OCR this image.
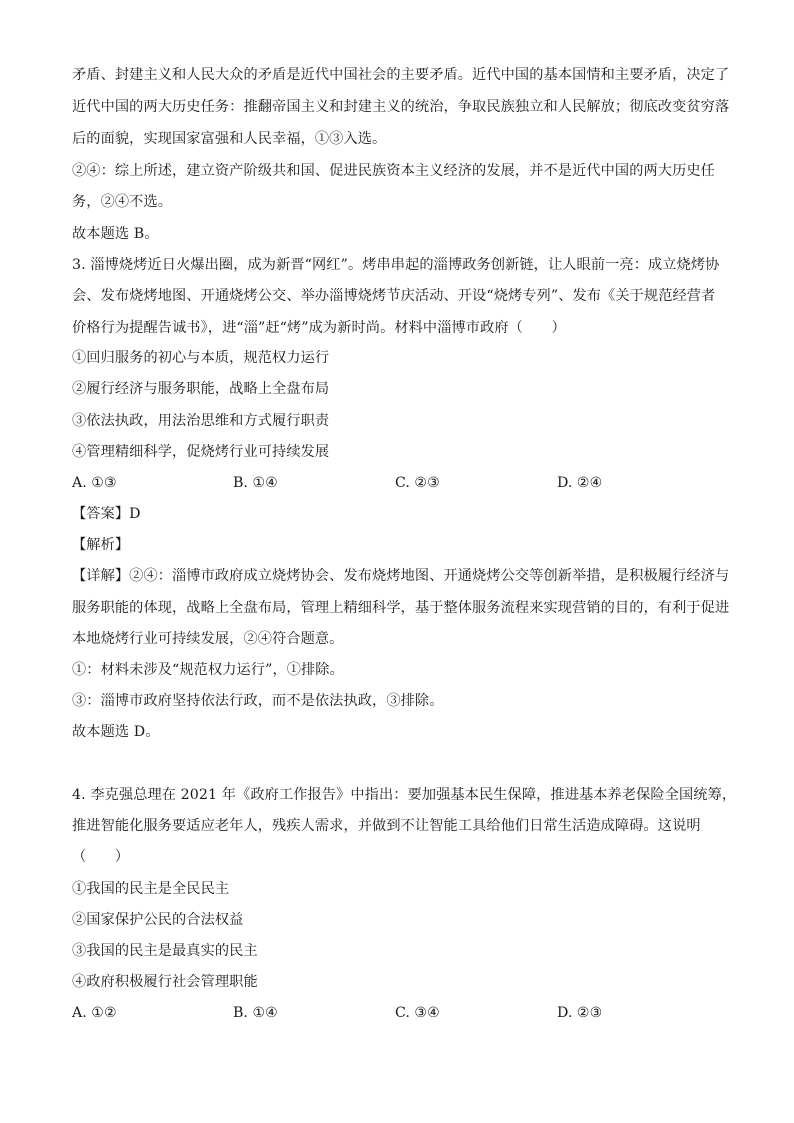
矛盾、封建主义和人民大众的矛盾是近代中国社会的主要矛盾。近代中国的基本国情和主要矛盾，决定了
近代中国的两大历史任务：推翻帝国主义和封建主义的统治，争取民族独立和人民解放；彻底改变贫穷落
后的面貌，实现国家富强和人民幸福，①③入选。
②④：综上所述，建立资产阶级共和国、促进民族资本主义经济的发展，并不是近代中国的两大历史任
务，②④不选。
故本题选 B。
3. 淄博烧烤近日火爆出圈，成为新晋“网红”。烤串串起的淄博政务创新链，让人眼前一亮：成立烧烤协
会、发布烧烤地图、开通烧烤公交、举办淄博烧烤节庆活动、开设“烧烤专列”、发布《关于规范经营者
价格行为提醒告诚书》，进“淄”赶“烤”成为新时尚。材料中淄博市政府（　　）
①回归服务的初心与本质，规范权力运行
②履行经济与服务职能，战略上全盘布局
③依法执政，用法治思维和方式履行职责
④管理精细科学，促烧烤行业可持续发展
A. ①③	B. ①④	C. ②③	D. ②④
【答案】D
【解析】
【详解】②④：淄博市政府成立烧烤协会、发布烧烤地图、开通烧烤公交等创新举措，是积极履行经济与
服务职能的体现，战略上全盘布局，管理上精细科学，基于整体服务流程来实现营销的目的，有利于促进
本地烧烤行业可持续发展，②④符合题意。
①：材料未涉及“规范权力运行”，①排除。
③：淄博市政府坚持依法行政，而不是依法执政，③排除。
故本题选 D。
4. 李克强总理在 2021 年《政府工作报告》中指出：要加强基本民生保障，推进基本养老保险全国统筹，
推进智能化服务要适应老年人，残疾人需求，并做到不让智能工具给他们日常生活造成障碍。这说明
（　　）
①我国的民主是全民民主
②国家保护公民的合法权益
③我国的民主是最真实的民主
④政府积极履行社会管理职能
A. ①②	B. ①④	C. ③④	D. ②③
